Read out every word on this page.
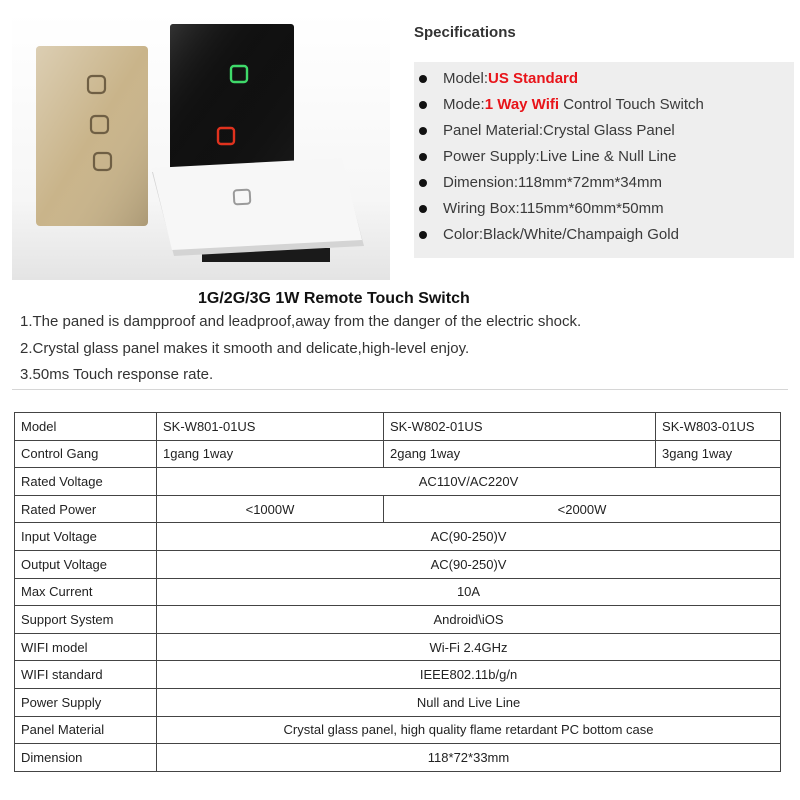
Specifications
Model:US Standard
Mode:1 Way Wifi Control Touch Switch
Panel Material:Crystal Glass Panel
Power Supply:Live Line & Null Line
Dimension:118mm*72mm*34mm
Wiring Box:115mm*60mm*50mm
Color:Black/White/Champaigh Gold
1G/2G/3G 1W Remote Touch Switch
1.The paned is dampproof and leadproof,away from the danger of the electric shock.
2.Crystal glass panel makes it smooth and delicate,high-level enjoy.
3.50ms Touch response rate.
Model	SK-W801-01US	SK-W802-01US	SK-W803-01US
Control Gang	1gang 1way	2gang 1way	3gang 1way
Rated Voltage	AC110V/AC220V		
Rated Power	<1000W	<2000W	
Input Voltage	AC(90-250)V		
Output Voltage	AC(90-250)V		
Max Current	10A		
Support System	Android\iOS		
WIFI model	Wi-Fi 2.4GHz		
WIFI standard	IEEE802.11b/g/n		
Power Supply	Null and Live Line		
Panel Material	Crystal glass panel, high quality flame retardant PC bottom case		
Dimension	118*72*33mm		
